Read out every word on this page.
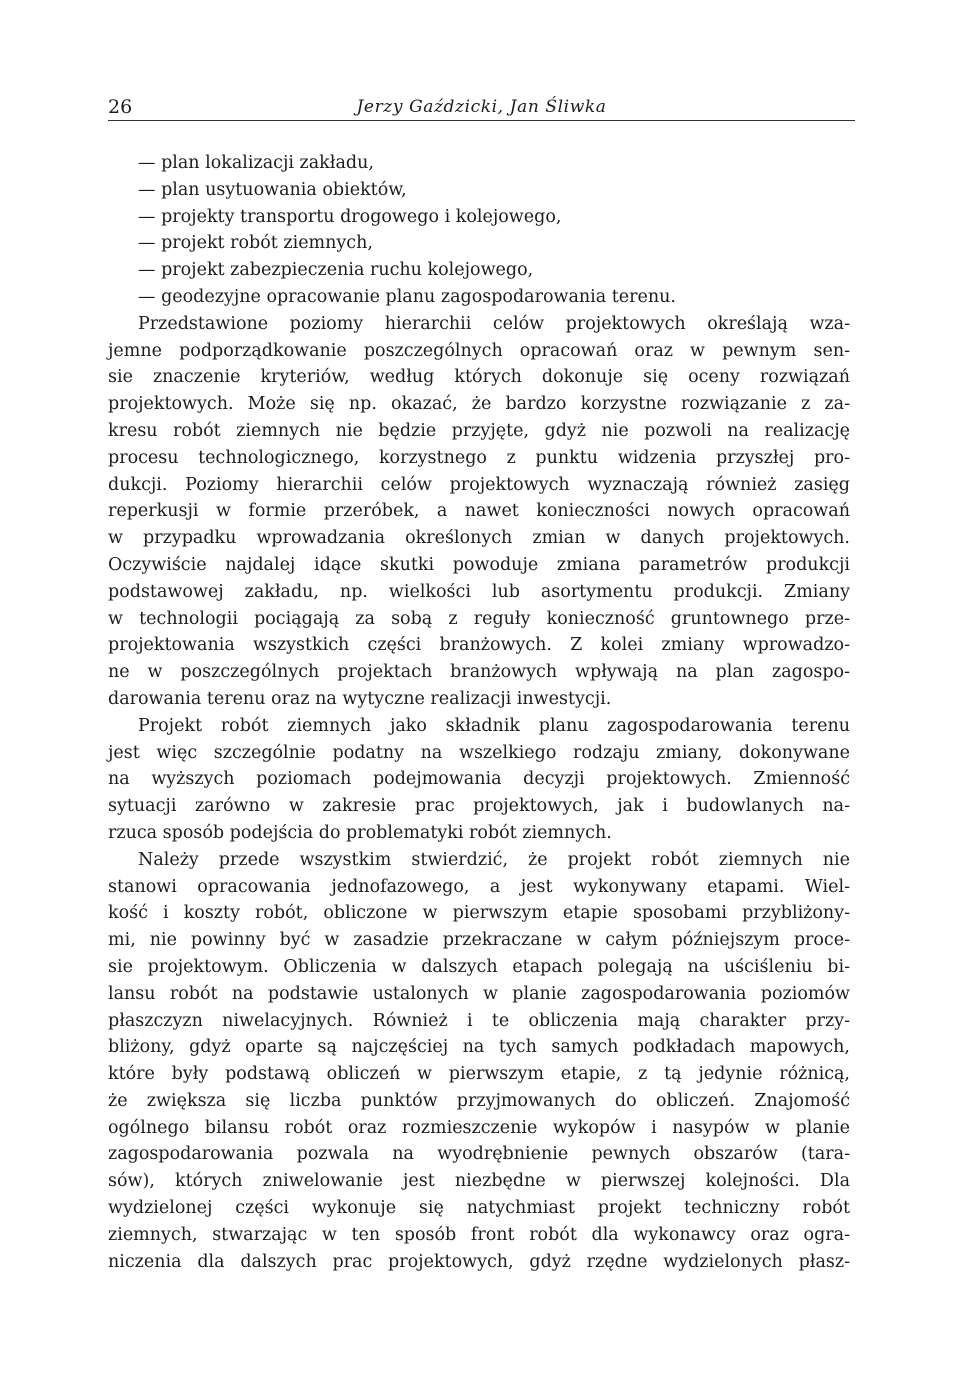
26	Jerzy Gaździcki, Jan Śliwka
— plan lokalizacji zakładu,
— plan usytuowania obiektów,
— projekty transportu drogowego i kolejowego,
— projekt robót ziemnych,
— projekt zabezpieczenia ruchu kolejowego,
— geodezyjne opracowanie planu zagospodarowania terenu.
Przedstawione poziomy hierarchii celów projektowych określają wza-
jemne podporządkowanie poszczególnych opracowań oraz w pewnym sen-
sie znaczenie kryteriów, według których dokonuje się oceny rozwiązań
projektowych. Może się np. okazać, że bardzo korzystne rozwiązanie z za-
kresu robót ziemnych nie będzie przyjęte, gdyż nie pozwoli na realizację
procesu technologicznego, korzystnego z punktu widzenia przyszłej pro-
dukcji. Poziomy hierarchii celów projektowych wyznaczają również zasięg
reperkusji w formie przeróbek, a nawet konieczności nowych opracowań
w przypadku wprowadzania określonych zmian w danych projektowych.
Oczywiście najdalej idące skutki powoduje zmiana parametrów produkcji
podstawowej zakładu, np. wielkości lub asortymentu produkcji. Zmiany
w technologii pociągają za sobą z reguły konieczność gruntownego prze-
projektowania wszystkich części branżowych. Z kolei zmiany wprowadzo-
ne w poszczególnych projektach branżowych wpływają na plan zagospo-
darowania terenu oraz na wytyczne realizacji inwestycji.
Projekt robót ziemnych jako składnik planu zagospodarowania terenu
jest więc szczególnie podatny na wszelkiego rodzaju zmiany, dokonywane
na wyższych poziomach podejmowania decyzji projektowych. Zmienność
sytuacji zarówno w zakresie prac projektowych, jak i budowlanych na-
rzuca sposób podejścia do problematyki robót ziemnych.
Należy przede wszystkim stwierdzić, że projekt robót ziemnych nie
stanowi opracowania jednofazowego, a jest wykonywany etapami. Wiel-
kość i koszty robót, obliczone w pierwszym etapie sposobami przybliżony-
mi, nie powinny być w zasadzie przekraczane w całym późniejszym proce-
sie projektowym. Obliczenia w dalszych etapach polegają na uściśleniu bi-
lansu robót na podstawie ustalonych w planie zagospodarowania poziomów
płaszczyzn niwelacyjnych. Również i te obliczenia mają charakter przy-
bliżony, gdyż oparte są najczęściej na tych samych podkładach mapowych,
które były podstawą obliczeń w pierwszym etapie, z tą jedynie różnicą,
że zwiększa się liczba punktów przyjmowanych do obliczeń. Znajomość
ogólnego bilansu robót oraz rozmieszczenie wykopów i nasypów w planie
zagospodarowania pozwala na wyodrębnienie pewnych obszarów (tara-
sów), których zniwelowanie jest niezbędne w pierwszej kolejności. Dla
wydzielonej części wykonuje się natychmiast projekt techniczny robót
ziemnych, stwarzając w ten sposób front robót dla wykonawcy oraz ogra-
niczenia dla dalszych prac projektowych, gdyż rzędne wydzielonych płasz-
